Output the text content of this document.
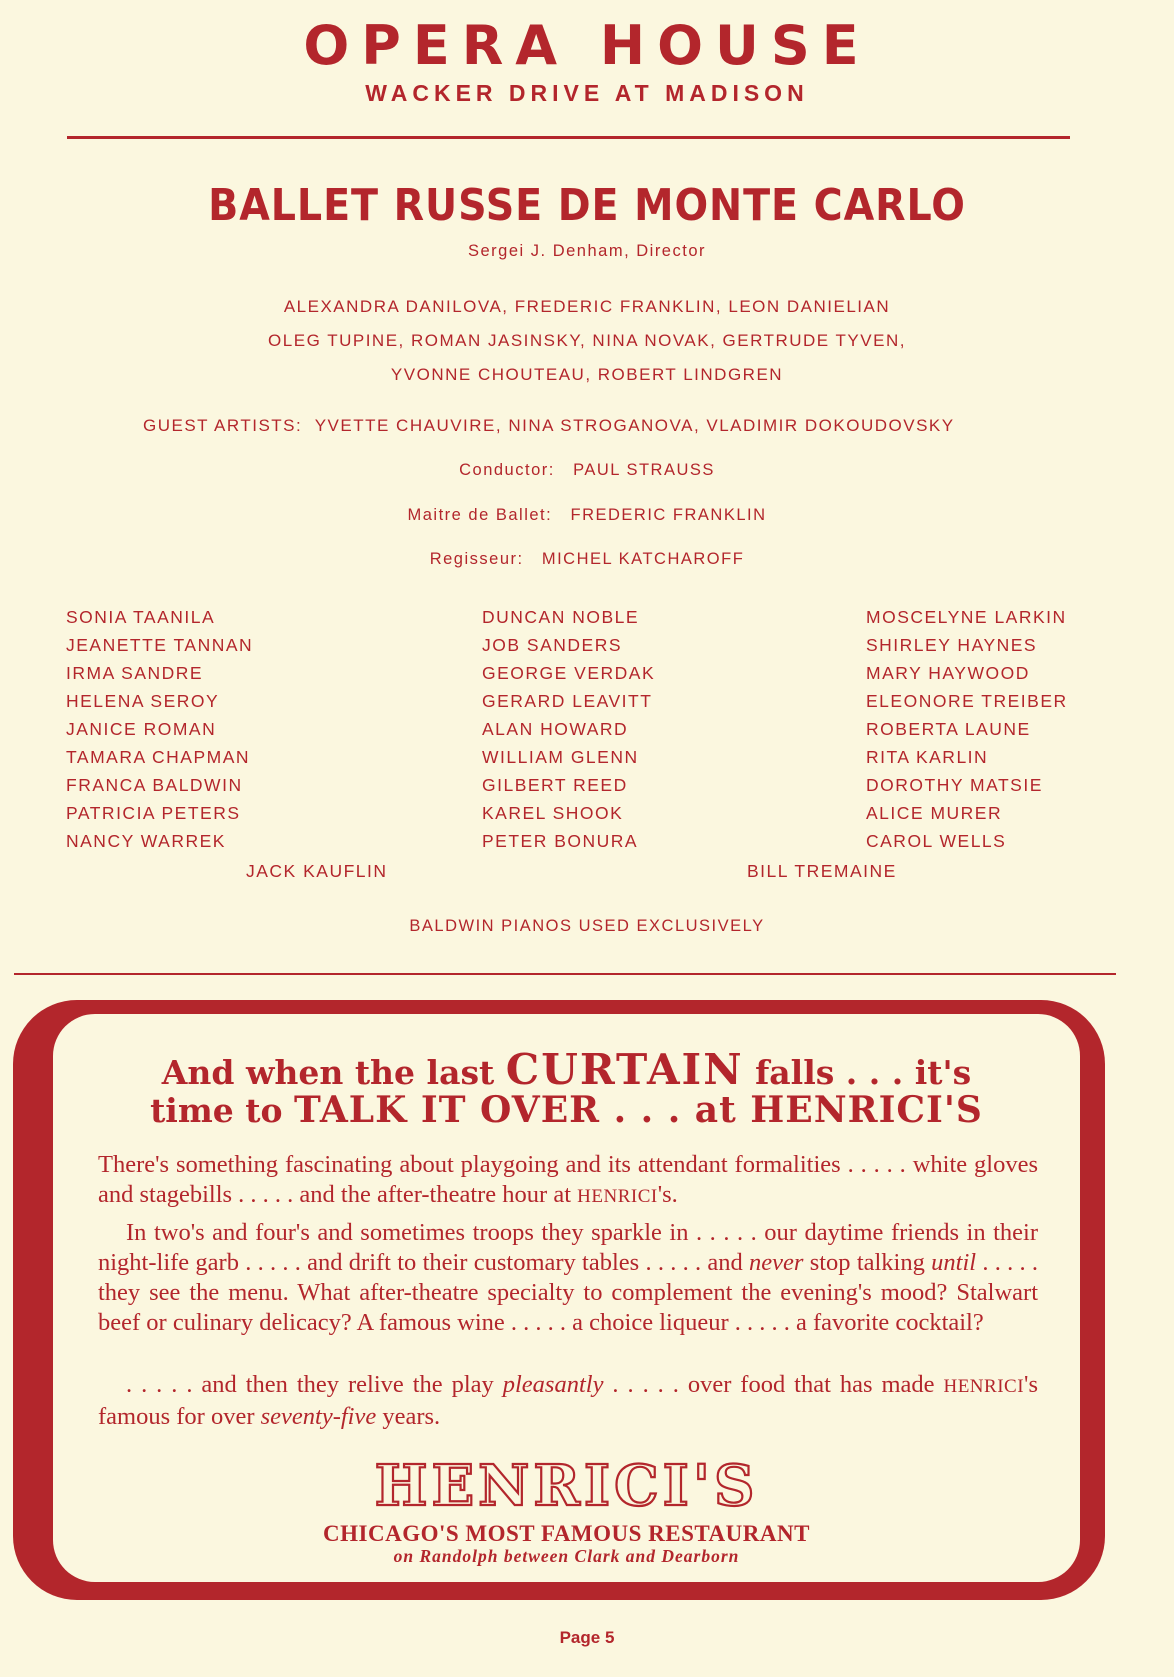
OPERA HOUSE
WACKER DRIVE AT MADISON
BALLET RUSSE DE MONTE CARLO
Sergei J. Denham, Director
ALEXANDRA DANILOVA, FREDERIC FRANKLIN, LEON DANIELIAN
OLEG TUPINE, ROMAN JASINSKY, NINA NOVAK, GERTRUDE TYVEN,
YVONNE CHOUTEAU, ROBERT LINDGREN
GUEST ARTISTS: YVETTE CHAUVIRE, NINA STROGANOVA, VLADIMIR DOKOUDOVSKY
Conductor: PAUL STRAUSS
Maitre de Ballet: FREDERIC FRANKLIN
Regisseur: MICHEL KATCHAROFF
SONIA TAANILA
JEANETTE TANNAN
IRMA SANDRE
HELENA SEROY
JANICE ROMAN
TAMARA CHAPMAN
FRANCA BALDWIN
PATRICIA PETERS
NANCY WARREK
DUNCAN NOBLE
JOB SANDERS
GEORGE VERDAK
GERARD LEAVITT
ALAN HOWARD
WILLIAM GLENN
GILBERT REED
KAREL SHOOK
PETER BONURA
MOSCELYNE LARKIN
SHIRLEY HAYNES
MARY HAYWOOD
ELEONORE TREIBER
ROBERTA LAUNE
RITA KARLIN
DOROTHY MATSIE
ALICE MURER
CAROL WELLS
JACK KAUFLIN	BILL TREMAINE
BALDWIN PIANOS USED EXCLUSIVELY
And when the last CURTAIN falls . . . it's
time to TALK IT OVER . . . at HENRICI'S
There's something fascinating about playgoing and its attendant formalities . . . . . white gloves and stagebills . . . . . and the after-theatre hour at HENRICI's.
In two's and four's and sometimes troops they sparkle in . . . . . our daytime friends in their night-life garb . . . . . and drift to their customary tables . . . . . and never stop talking until . . . . . they see the menu. What after-theatre specialty to complement the evening's mood? Stalwart beef or culinary delicacy? A famous wine . . . . . a choice liqueur . . . . . a favorite cocktail?
. . . . . and then they relive the play pleasantly . . . . . over food that has made HENRICI's famous for over seventy-five years.
HENRICI'S
CHICAGO'S MOST FAMOUS RESTAURANT
on Randolph between Clark and Dearborn
Page 5
